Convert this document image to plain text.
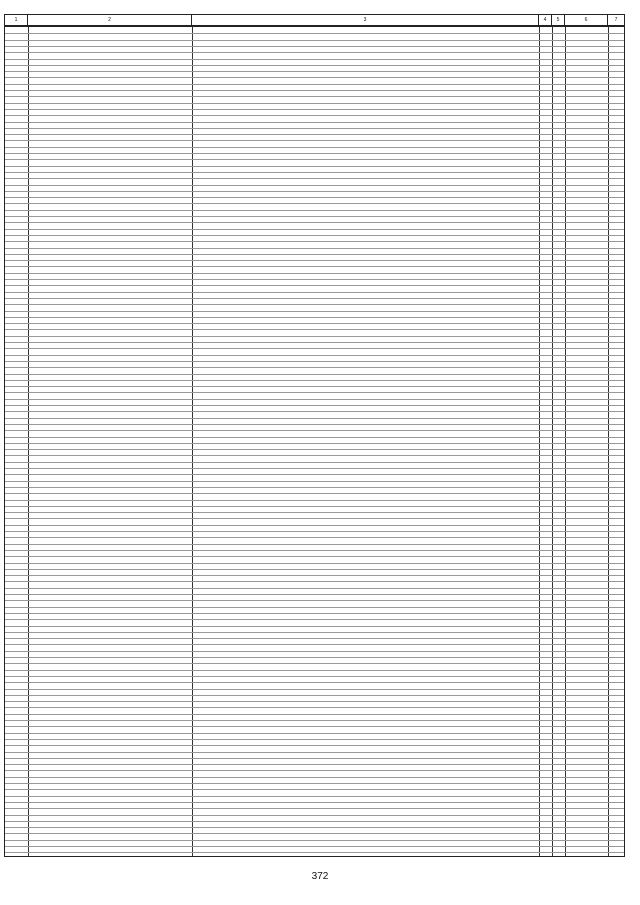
1	2	3	4	5	6	7
372
